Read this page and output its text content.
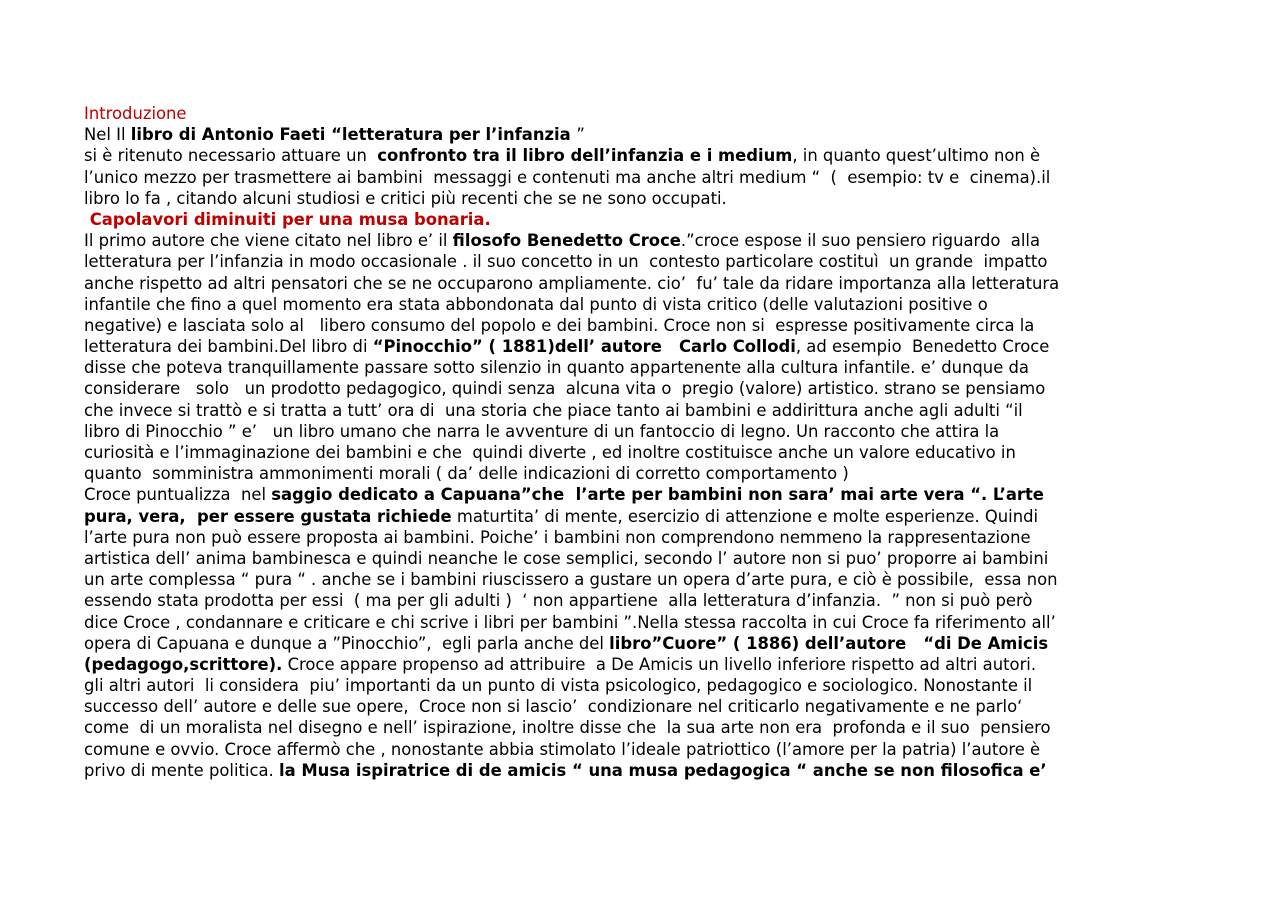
Introduzione
Nel Il libro di Antonio Faeti “letteratura per l’infanzia ”
si è ritenuto necessario attuare un  confronto tra il libro dell’infanzia e i medium, in quanto quest’ultimo non è
l’unico mezzo per trasmettere ai bambini  messaggi e contenuti ma anche altri medium “  (  esempio: tv e  cinema).il
libro lo fa , citando alcuni studiosi e critici più recenti che se ne sono occupati.
Capolavori diminuiti per una musa bonaria.
Il primo autore che viene citato nel libro e’ il filosofo Benedetto Croce.”croce espose il suo pensiero riguardo  alla
letteratura per l’infanzia in modo occasionale . il suo concetto in un  contesto particolare costituì  un grande  impatto
anche rispetto ad altri pensatori che se ne occuparono ampliamente. cio’  fu’ tale da ridare importanza alla letteratura
infantile che fino a quel momento era stata abbondonata dal punto di vista critico (delle valutazioni positive o
negative) e lasciata solo al   libero consumo del popolo e dei bambini. Croce non si  espresse positivamente circa la
letteratura dei bambini.Del libro di “Pinocchio” ( 1881)dell’ autore   Carlo Collodi, ad esempio  Benedetto Croce
disse che poteva tranquillamente passare sotto silenzio in quanto appartenente alla cultura infantile. e’ dunque da
considerare   solo   un prodotto pedagogico, quindi senza  alcuna vita o  pregio (valore) artistico. strano se pensiamo
che invece si trattò e si tratta a tutt’ ora di  una storia che piace tanto ai bambini e addirittura anche agli adulti “il
libro di Pinocchio ” e’   un libro umano che narra le avventure di un fantoccio di legno. Un racconto che attira la
curiosità e l’immaginazione dei bambini e che  quindi diverte , ed inoltre costituisce anche un valore educativo in
quanto  somministra ammonimenti morali ( da’ delle indicazioni di corretto comportamento )
Croce puntualizza  nel saggio dedicato a Capuana”che  l’arte per bambini non sara’ mai arte vera “. L’arte
pura, vera,  per essere gustata richiede maturtita’ di mente, esercizio di attenzione e molte esperienze. Quindi
l’arte pura non può essere proposta ai bambini. Poiche’ i bambini non comprendono nemmeno la rappresentazione
artistica dell’ anima bambinesca e quindi neanche le cose semplici, secondo l’ autore non si puo’ proporre ai bambini
un arte complessa “ pura “ . anche se i bambini riuscissero a gustare un opera d’arte pura, e ciò è possibile,  essa non
essendo stata prodotta per essi  ( ma per gli adulti )  ‘ non appartiene  alla letteratura d’infanzia.  ” non si può però
dice Croce , condannare e criticare e chi scrive i libri per bambini ”.Nella stessa raccolta in cui Croce fa riferimento all’
opera di Capuana e dunque a ”Pinocchio”,  egli parla anche del libro”Cuore” ( 1886) dell’autore   “di De Amicis
(pedagogo,scrittore). Croce appare propenso ad attribuire  a De Amicis un livello inferiore rispetto ad altri autori.
gli altri autori  li considera  piu’ importanti da un punto di vista psicologico, pedagogico e sociologico. Nonostante il
successo dell’ autore e delle sue opere,  Croce non si lascio’  condizionare nel criticarlo negativamente e ne parlo‘
come  di un moralista nel disegno e nell’ ispirazione, inoltre disse che  la sua arte non era  profonda e il suo  pensiero
comune e ovvio. Croce affermò che , nonostante abbia stimolato l’ideale patriottico (l’amore per la patria) l’autore è
privo di mente politica. la Musa ispiratrice di de amicis “ una musa pedagogica “ anche se non filosofica e’
